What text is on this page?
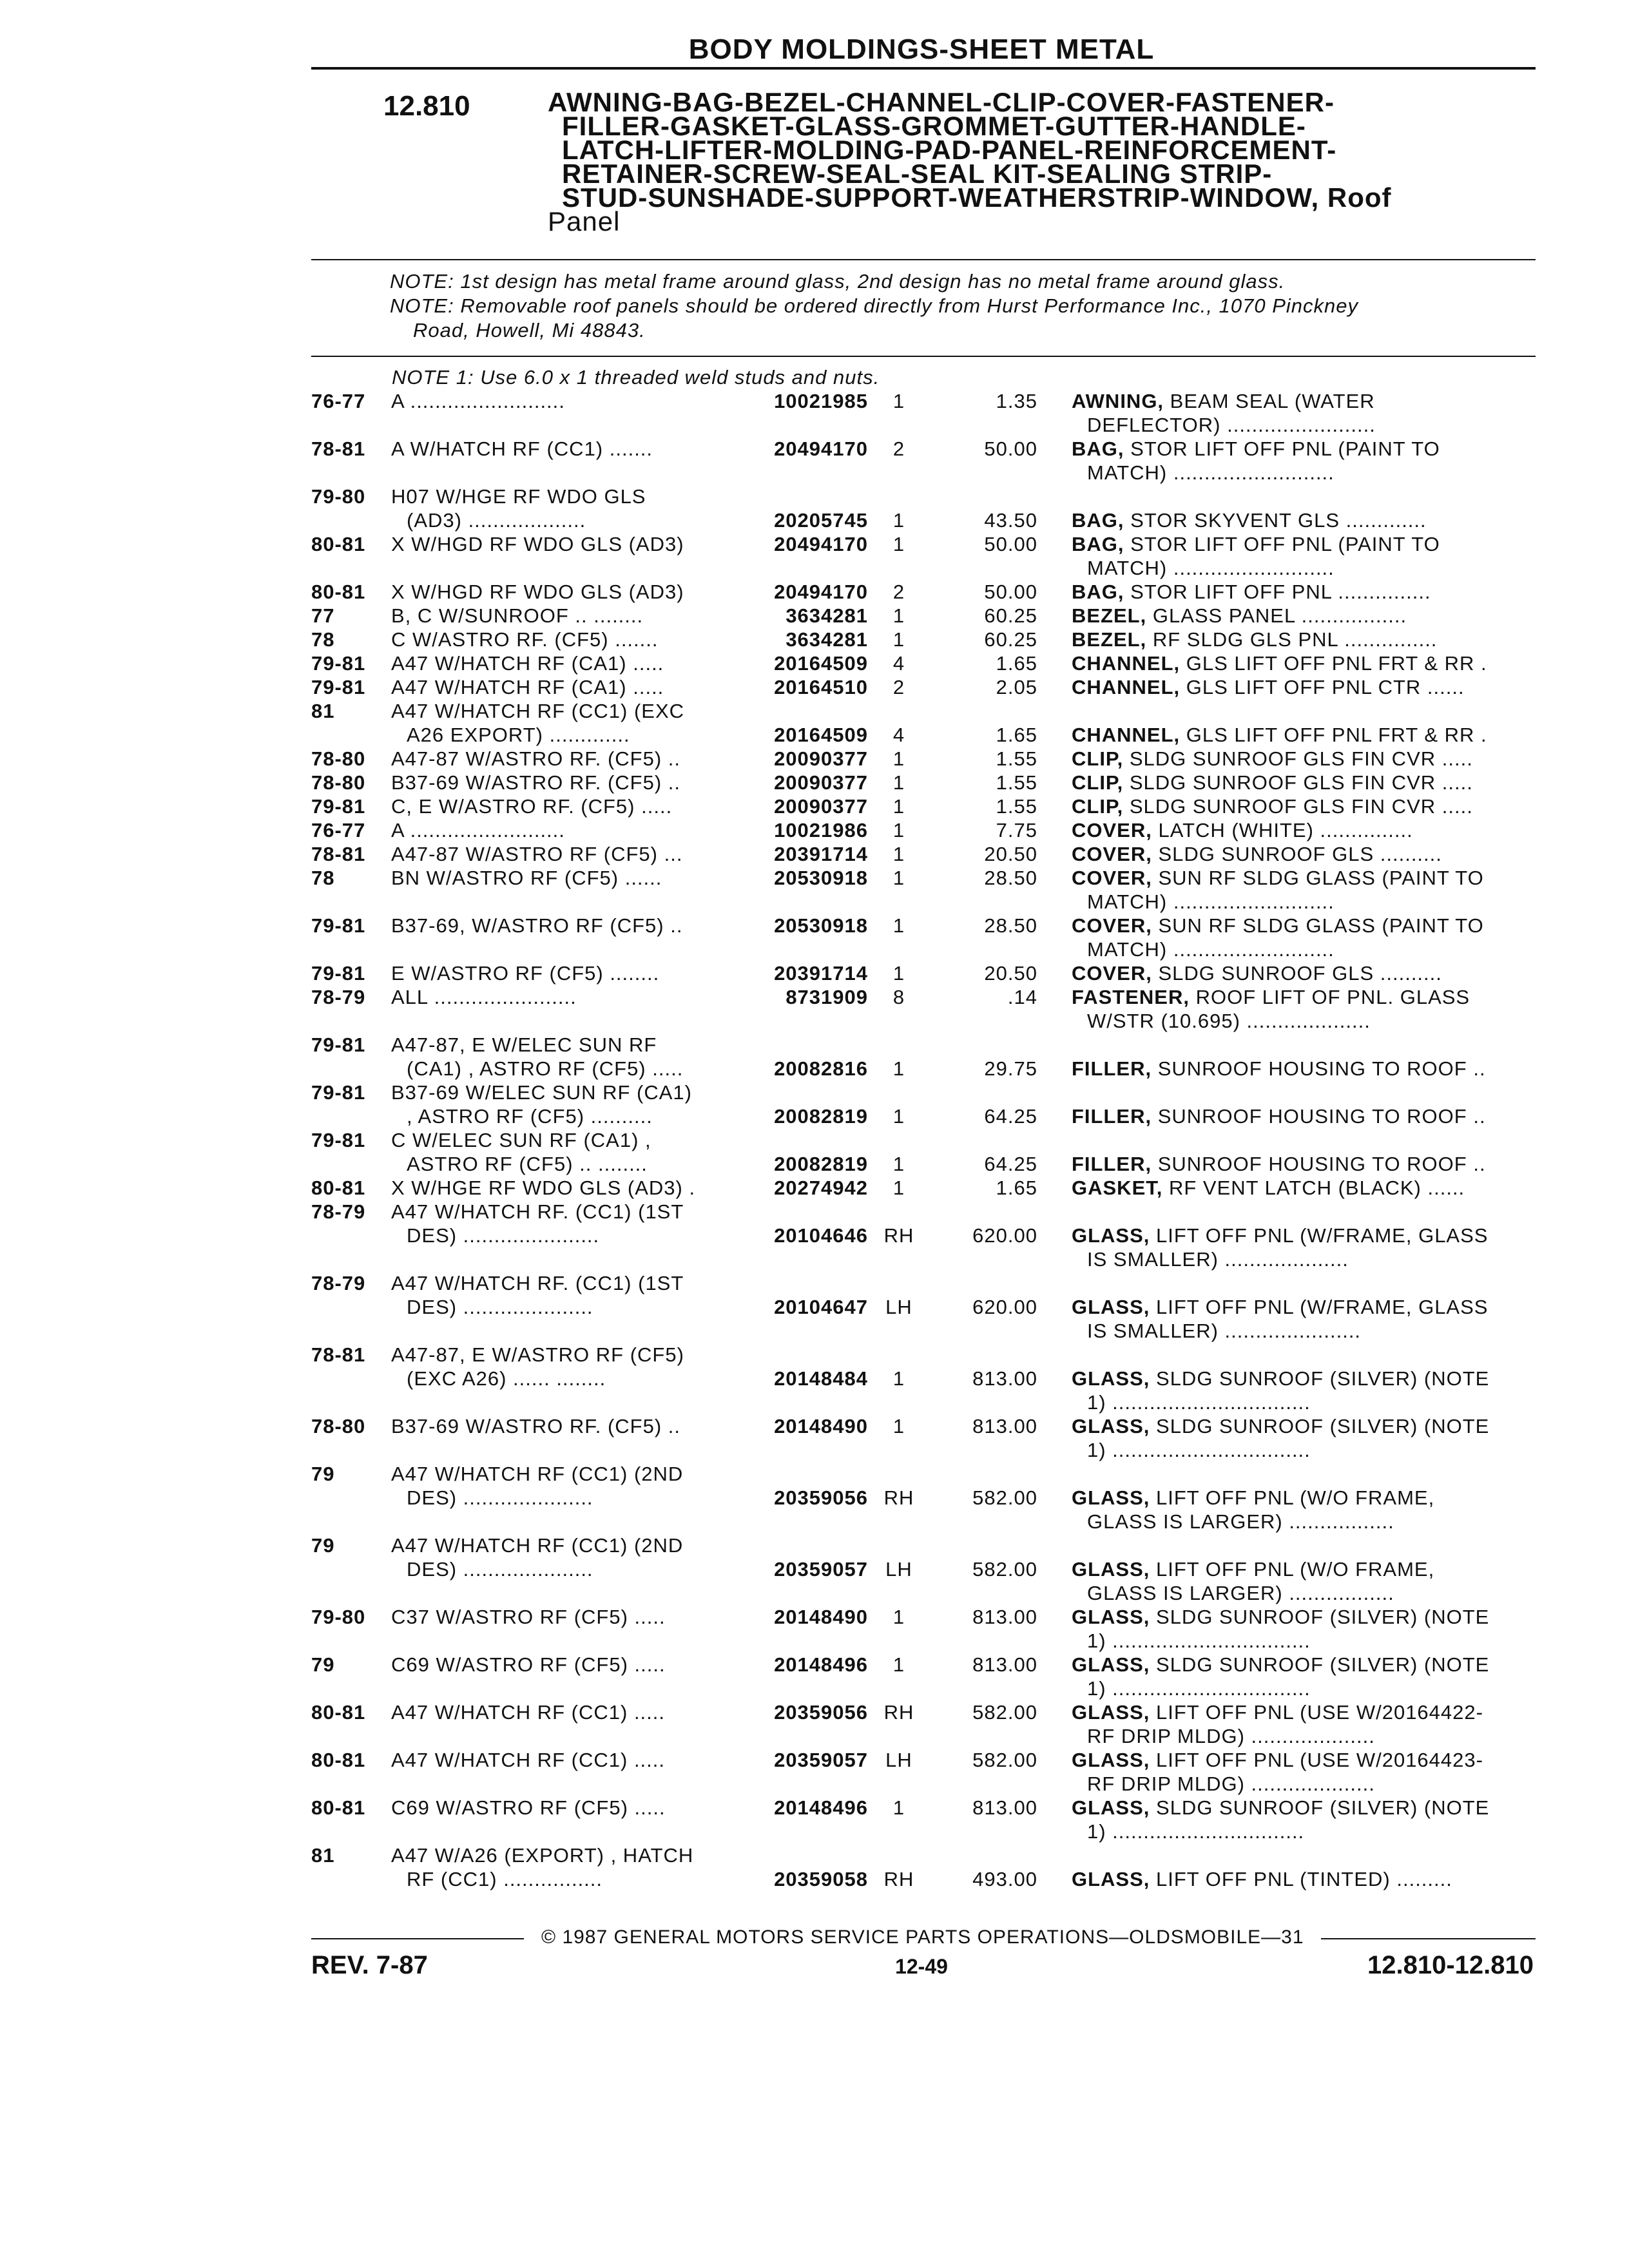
BODY MOLDINGS-SHEET METAL
12.810	AWNING-BAG-BEZEL-CHANNEL-CLIP-COVER-FASTENER-
FILLER-GASKET-GLASS-GROMMET-GUTTER-HANDLE-
LATCH-LIFTER-MOLDING-PAD-PANEL-REINFORCEMENT-
RETAINER-SCREW-SEAL-SEAL KIT-SEALING STRIP-
STUD-SUNSHADE-SUPPORT-WEATHERSTRIP-WINDOW, Roof
Panel
NOTE: 1st design has metal frame around glass, 2nd design has no metal frame around glass.
NOTE: Removable roof panels should be ordered directly from Hurst Performance Inc., 1070 Pinckney
Road, Howell, Mi 48843.
NOTE 1: Use 6.0 x 1 threaded weld studs and nuts.
76-77 A .........................	10021985	1	1.35 AWNING, BEAM SEAL (WATER
DEFLECTOR) ........................
78-81 A W/HATCH RF (CC1) .......	20494170	2	50.00 BAG, STOR LIFT OFF PNL (PAINT TO
MATCH) ..........................
79-80 H07 W/HGE RF WDO GLS
(AD3) ...................	20205745	1	43.50 BAG, STOR SKYVENT GLS .............
80-81 X W/HGD RF WDO GLS (AD3)	20494170	1	50.00 BAG, STOR LIFT OFF PNL (PAINT TO
MATCH) ..........................
80-81 X W/HGD RF WDO GLS (AD3)	20494170	2	50.00 BAG, STOR LIFT OFF PNL ...............
77	B, C W/SUNROOF .. ........	3634281	1	60.25 BEZEL, GLASS PANEL .................
78	C W/ASTRO RF. (CF5) .......	3634281	1	60.25 BEZEL, RF SLDG GLS PNL ...............
79-81 A47 W/HATCH RF (CA1) .....	20164509	4	1.65 CHANNEL, GLS LIFT OFF PNL FRT & RR .
79-81 A47 W/HATCH RF (CA1) .....	20164510	2	2.05 CHANNEL, GLS LIFT OFF PNL CTR ......
81	A47 W/HATCH RF (CC1) (EXC
A26 EXPORT) .............	20164509	4	1.65 CHANNEL, GLS LIFT OFF PNL FRT & RR .
78-80 A47-87 W/ASTRO RF. (CF5) ..	20090377	1	1.55 CLIP, SLDG SUNROOF GLS FIN CVR .....
78-80 B37-69 W/ASTRO RF. (CF5) ..	20090377	1	1.55 CLIP, SLDG SUNROOF GLS FIN CVR .....
79-81 C, E W/ASTRO RF. (CF5) .....	20090377	1	1.55 CLIP, SLDG SUNROOF GLS FIN CVR .....
76-77 A .........................	10021986	1	7.75 COVER, LATCH (WHITE) ...............
78-81 A47-87 W/ASTRO RF (CF5) ...	20391714	1	20.50 COVER, SLDG SUNROOF GLS ..........
78	BN W/ASTRO RF (CF5) ......	20530918	1	28.50 COVER, SUN RF SLDG GLASS (PAINT TO
MATCH) ..........................
79-81 B37-69, W/ASTRO RF (CF5) ..	20530918	1	28.50 COVER, SUN RF SLDG GLASS (PAINT TO
MATCH) ..........................
79-81 E W/ASTRO RF (CF5) ........	20391714	1	20.50 COVER, SLDG SUNROOF GLS ..........
78-79 ALL .......................	8731909	8	.14 FASTENER, ROOF LIFT OF PNL. GLASS
W/STR (10.695) ....................
79-81 A47-87, E W/ELEC SUN RF
(CA1) , ASTRO RF (CF5) .....	20082816	1	29.75 FILLER, SUNROOF HOUSING TO ROOF ..
79-81 B37-69 W/ELEC SUN RF (CA1)
, ASTRO RF (CF5) ..........	20082819	1	64.25 FILLER, SUNROOF HOUSING TO ROOF ..
79-81 C W/ELEC SUN RF (CA1) ,
ASTRO RF (CF5) .. ........	20082819	1	64.25 FILLER, SUNROOF HOUSING TO ROOF ..
80-81 X W/HGE RF WDO GLS (AD3) .	20274942	1	1.65 GASKET, RF VENT LATCH (BLACK) ......
78-79 A47 W/HATCH RF. (CC1) (1ST
DES) ......................	20104646 RH	620.00 GLASS, LIFT OFF PNL (W/FRAME, GLASS
IS SMALLER) ....................
78-79 A47 W/HATCH RF. (CC1) (1ST
DES) .....................	20104647 LH	620.00 GLASS, LIFT OFF PNL (W/FRAME, GLASS
IS SMALLER) ......................
78-81 A47-87, E W/ASTRO RF (CF5)
(EXC A26) ...... ........	20148484	1	813.00 GLASS, SLDG SUNROOF (SILVER) (NOTE
1) ................................
78-80 B37-69 W/ASTRO RF. (CF5) ..	20148490	1	813.00 GLASS, SLDG SUNROOF (SILVER) (NOTE
1) ................................
79	A47 W/HATCH RF (CC1) (2ND
DES) .....................	20359056 RH	582.00 GLASS, LIFT OFF PNL (W/O FRAME,
GLASS IS LARGER) .................
79	A47 W/HATCH RF (CC1) (2ND
DES) .....................	20359057 LH	582.00 GLASS, LIFT OFF PNL (W/O FRAME,
GLASS IS LARGER) .................
79-80 C37 W/ASTRO RF (CF5) .....	20148490	1	813.00 GLASS, SLDG SUNROOF (SILVER) (NOTE
1) ................................
79	C69 W/ASTRO RF (CF5) .....	20148496	1	813.00 GLASS, SLDG SUNROOF (SILVER) (NOTE
1) ................................
80-81 A47 W/HATCH RF (CC1) .....	20359056 RH	582.00 GLASS, LIFT OFF PNL (USE W/20164422-
RF DRIP MLDG) ....................
80-81 A47 W/HATCH RF (CC1) .....	20359057 LH	582.00 GLASS, LIFT OFF PNL (USE W/20164423-
RF DRIP MLDG) ....................
80-81 C69 W/ASTRO RF (CF5) .....	20148496	1	813.00 GLASS, SLDG SUNROOF (SILVER) (NOTE
1) ...............................
81	A47 W/A26 (EXPORT) , HATCH
RF (CC1) ................	20359058 RH	493.00 GLASS, LIFT OFF PNL (TINTED) .........
© 1987 GENERAL MOTORS SERVICE PARTS OPERATIONS—OLDSMOBILE—31
REV. 7-87	12-49	12.810-12.810
